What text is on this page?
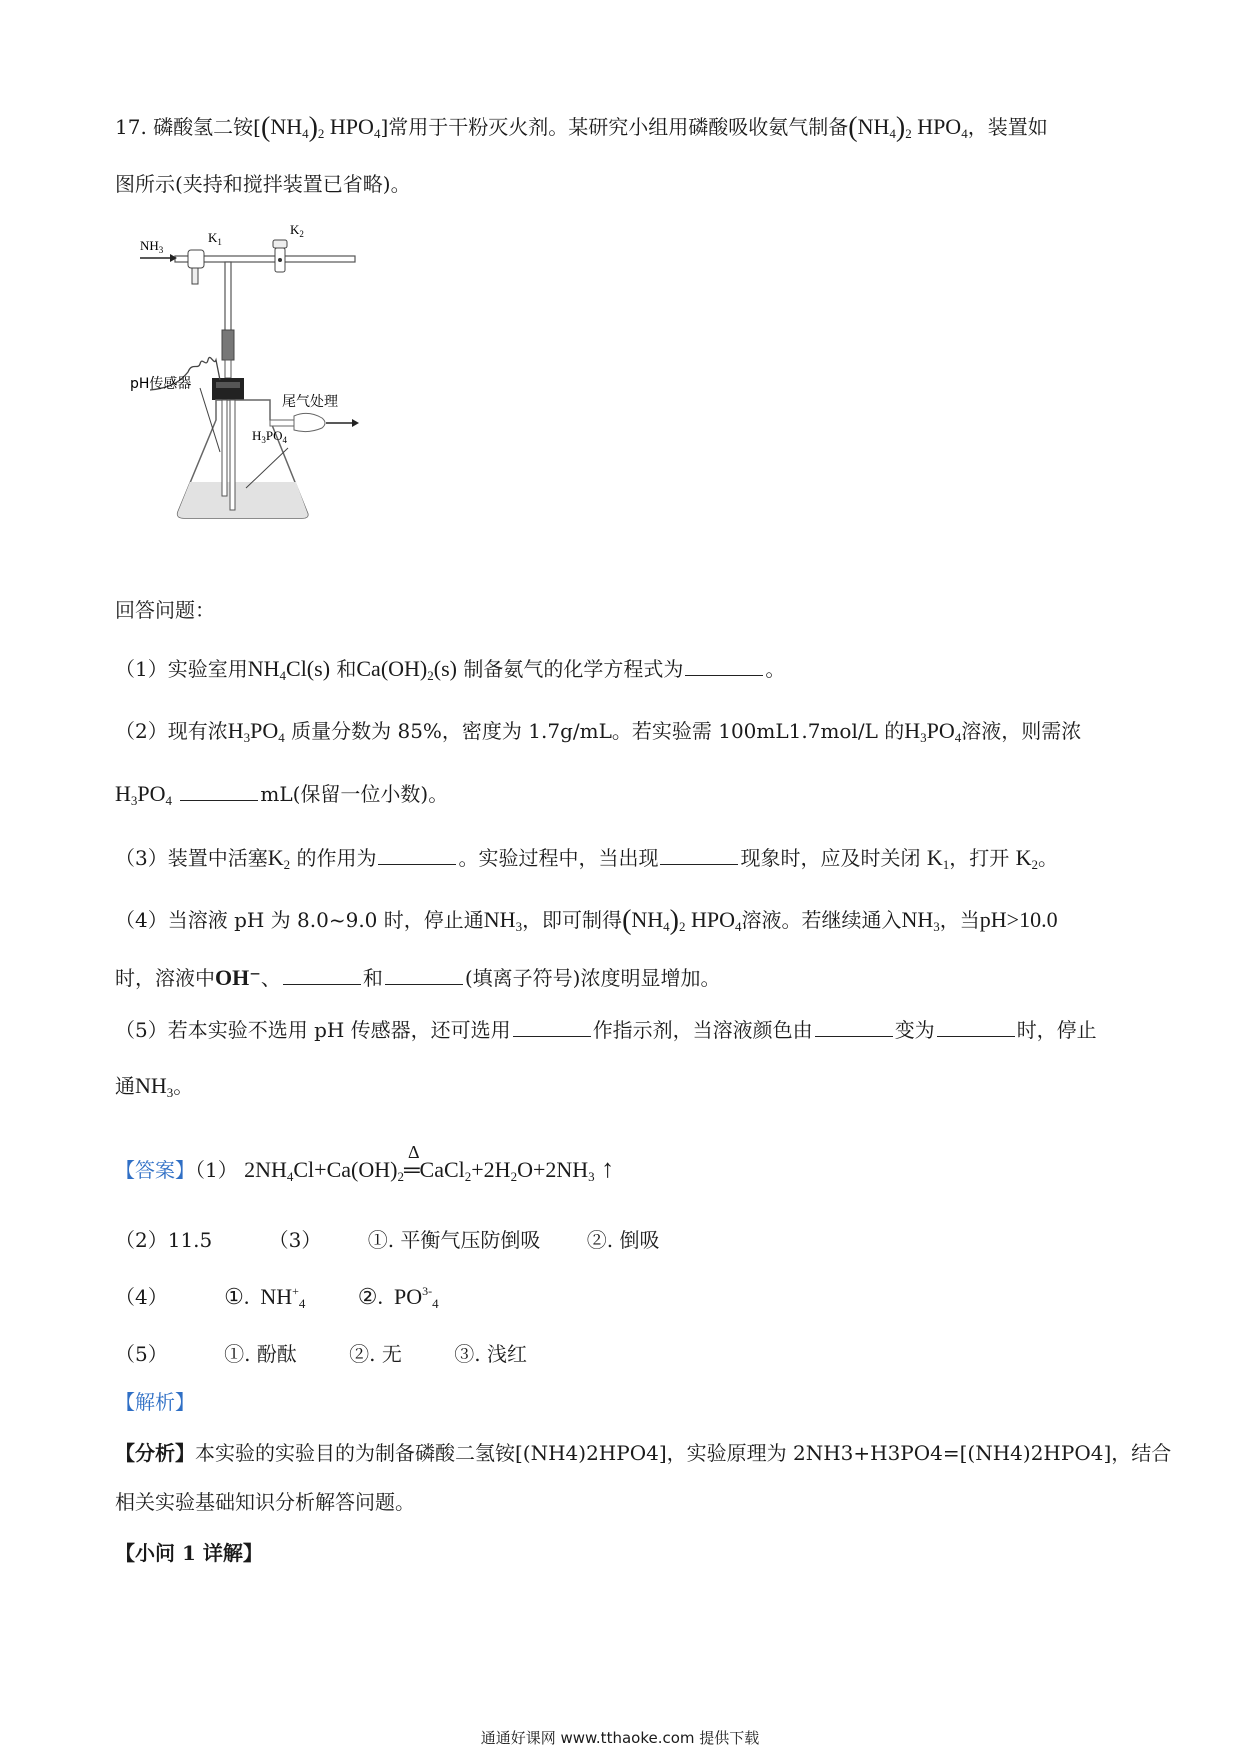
17. 磷酸氢二铵[$(NH_4)_2$ $HPO_4$]常用于干粉灭火剂。某研究小组用磷酸吸收氨气制备$(NH_4)_2$ $HPO_4$，装置如
图所示(夹持和搅拌装置已省略)。
$NH_3$
$K_1$
$K_2$
尾气处理
pH传感器
$H_3PO_4$
回答问题：
（1）实验室用$NH_4Cl(s)$ 和$Ca(OH)_2(s)$ 制备氨气的化学方程式为	。
（2）现有浓$H_3PO_4$ 质量分数为 85%，密度为 1.7g/mL。若实验需 100mL1.7mol/L 的$H_3PO_4$溶液，则需浓
$H_3PO_4$	mL(保留一位小数)。
（3）装置中活塞$K_2$ 的作用为	。实验过程中，当出现	现象时，应及时关闭 $K_1$，打开 $K_2$。
（4）当溶液 pH 为 8.0~9.0 时，停止通$NH_3$，即可制得$(NH_4)_2$ $HPO_4$溶液。若继续通入$NH_3$，当pH>10.0
时，溶液中OH⁻、	和	(填离子符号)浓度明显增加。
（5）若本实验不选用 pH 传感器，还可选用	作指示剂，当溶液颜色由	变为	时，停止
通$NH_3$。
【答案】（1） $2NH_4Cl+Ca(OH)_2$
Δ
$═CaCl_2+2H_2O+2NH_3$ ↑
（2）11.5	（3） ①. 平衡气压防倒吸 ②. 倒吸
（4）	①.  $NH^+_4$ ②.  $PO^{3-}_4$
（5）	①. 酚酞	②. 无	③. 浅红
【解析】
【分析】本实验的实验目的为制备磷酸二氢铵[(NH4)2HPO4]，实验原理为 2NH3+H3PO4=[(NH4)2HPO4]，结合
相关实验基础知识分析解答问题。
【小问 1 详解】
通通好课网 www.tthaoke.com 提供下载
